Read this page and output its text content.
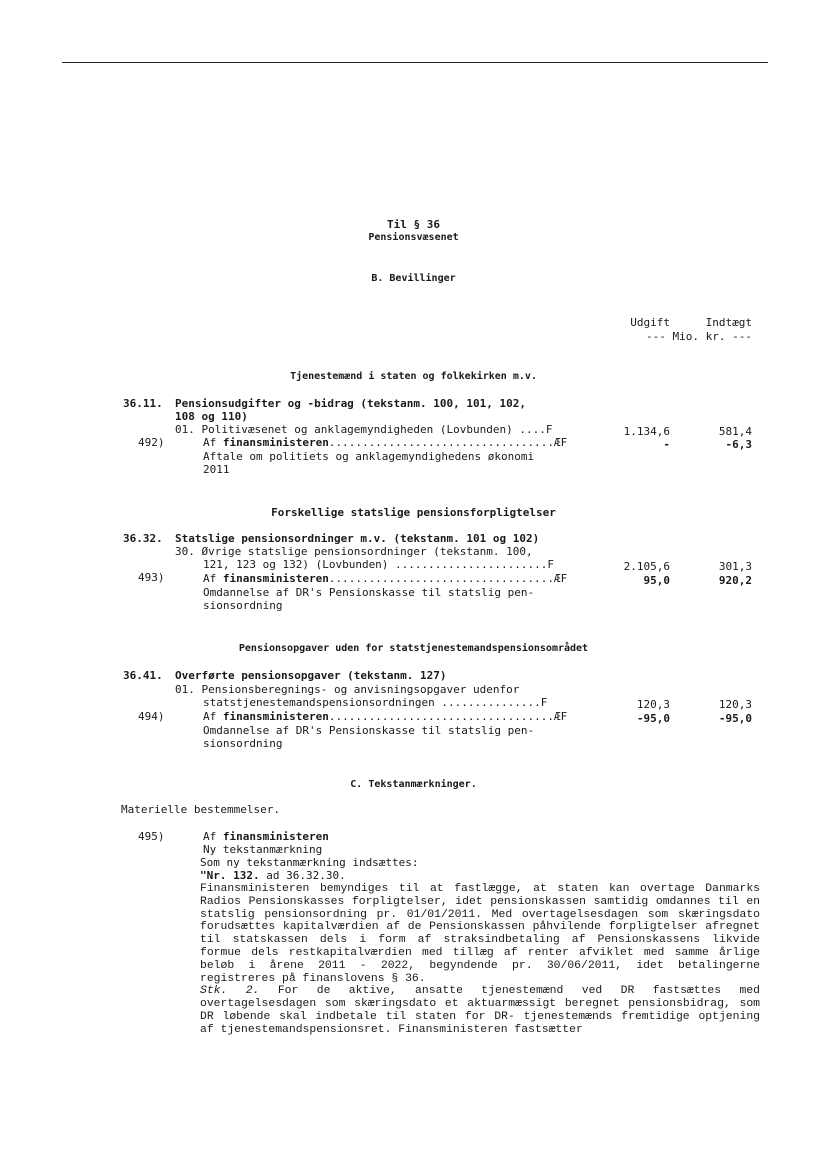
Til § 36
Pensionsvæsenet
B. Bevillinger
Udgift	Indtægt
--- Mio. kr. ---
Tjenestemænd i staten og folkekirken m.v.
36.11. Pensionsudgifter og -bidrag (tekstanm. 100, 101, 102,
108 og 110)
01. Politivæsenet og anklagemyndigheden (Lovbunden) ....F	1.134,6	581,4
492)	Af finansministeren..................................ÆF	-	-6,3
Aftale om politiets og anklagemyndighedens økonomi
2011
Forskellige statslige pensionsforpligtelser
36.32. Statslige pensionsordninger m.v. (tekstanm. 101 og 102)
30. Øvrige statslige pensionsordninger (tekstanm. 100,
121, 123 og 132) (Lovbunden) .......................F	2.105,6	301,3
493)	Af finansministeren..................................ÆF	95,0	920,2
Omdannelse af DR's Pensionskasse til statslig pen-
sionsordning
Pensionsopgaver uden for statstjenestemandspensionsområdet
36.41. Overførte pensionsopgaver (tekstanm. 127)
01. Pensionsberegnings- og anvisningsopgaver udenfor
statstjenestemandspensionsordningen ...............F	120,3	120,3
494)	Af finansministeren..................................ÆF	-95,0	-95,0
Omdannelse af DR's Pensionskasse til statslig pen-
sionsordning
C. Tekstanmærkninger.
Materielle bestemmelser.
495)	Af finansministeren
Ny tekstanmærkning
Som ny tekstanmærkning indsættes:
"Nr. 132. ad 36.32.30.

Finansministeren bemyndiges til at fastlægge, at staten kan overtage Danmarks Radios Pensionskasses forpligtelser, idet pensionskassen samtidig omdannes til en statslig pensionsordning pr. 01/01/2011. Med overtagelsesdagen som skæringsdato forudsættes kapitalværdien af de Pensionskassen påhvilende forpligtelser afregnet til statskassen dels i form af straksindbetaling af Pensionskassens likvide formue dels restkapitalværdien med tillæg af renter afviklet med samme årlige beløb i årene 2011 - 2022, begyndende pr. 30/06/2011, idet betalingerne registreres på finanslovens § 36.

Stk. 2. For de aktive, ansatte tjenestemænd ved DR fastsættes med overtagelsesdagen som skæringsdato et aktuarmæssigt beregnet pensionsbidrag, som DR løbende skal indbetale til staten for DR- tjenestemænds fremtidige optjening af tjenestemandspensionsret. Finansministeren fastsætter
